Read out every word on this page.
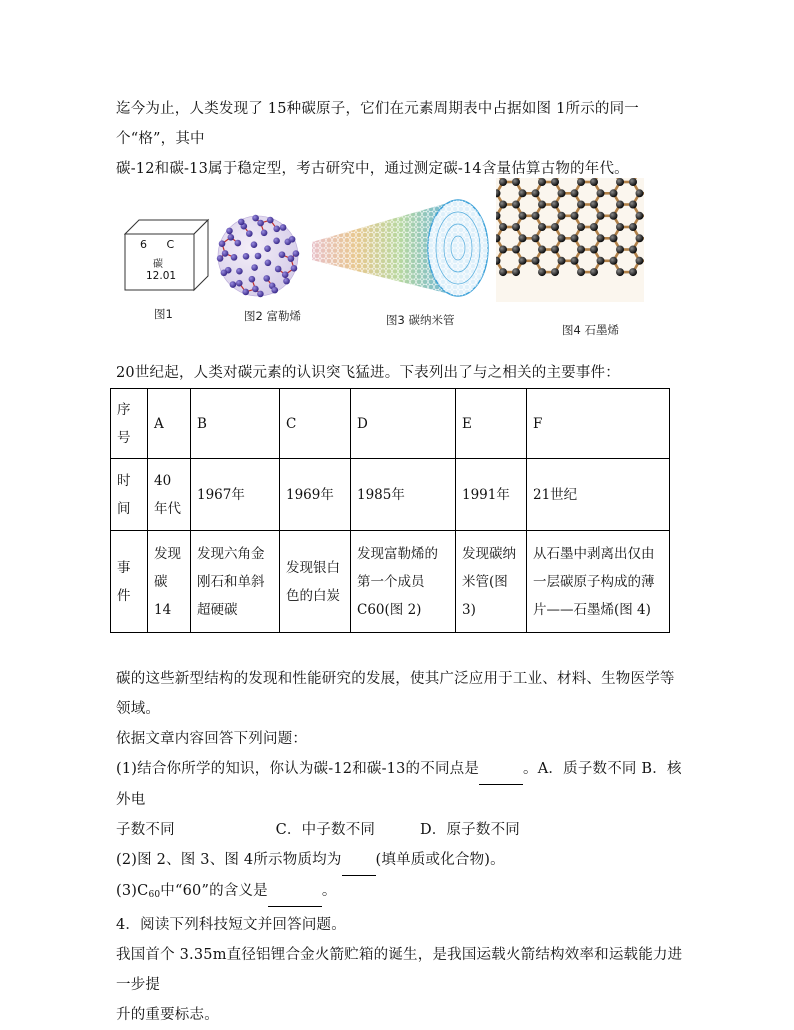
迄今为止，人类发现了 15种碳原子，它们在元素周期表中占据如图 1所示的同一个“格”，其中
碳-12和碳-13属于稳定型，考古研究中，通过测定碳-14含量估算古物的年代。
6 C
碳
12.01
图1	图2 富勒烯	图3 碳纳米管
图4 石墨烯
20世纪起，人类对碳元素的认识突飞猛进。下表列出了与之相关的主要事件：
序号	A	B	C	D	E	F
时间	40年代	1967年	1969年	1985年	1991年	21世纪
事件	发现碳14	发现六角金刚石和单斜超硬碳	发现银白色的白炭	发现富勒烯的第一个成员C60(图 2)	发现碳纳米管(图 3)	从石墨中剥离出仅由一层碳原子构成的薄片——石墨烯(图 4)
碳的这些新型结构的发现和性能研究的发展，使其广泛应用于工业、材料、生物医学等领域。
依据文章内容回答下列问题：
(1)结合你所学的知识，你认为碳-12和碳-13的不同点是	。A．质子数不同 B．核外电
子数不同	C．中子数不同	D．原子数不同
(2)图 2、图 3、图 4所示物质均为 (填单质或化合物)。
$(3)C_{60}$中“60”的含义是	。
4．阅读下列科技短文并回答问题。
我国首个 3.35m直径铝锂合金火箭贮箱的诞生，是我国运载火箭结构效率和运载能力进一步提
升的重要标志。
